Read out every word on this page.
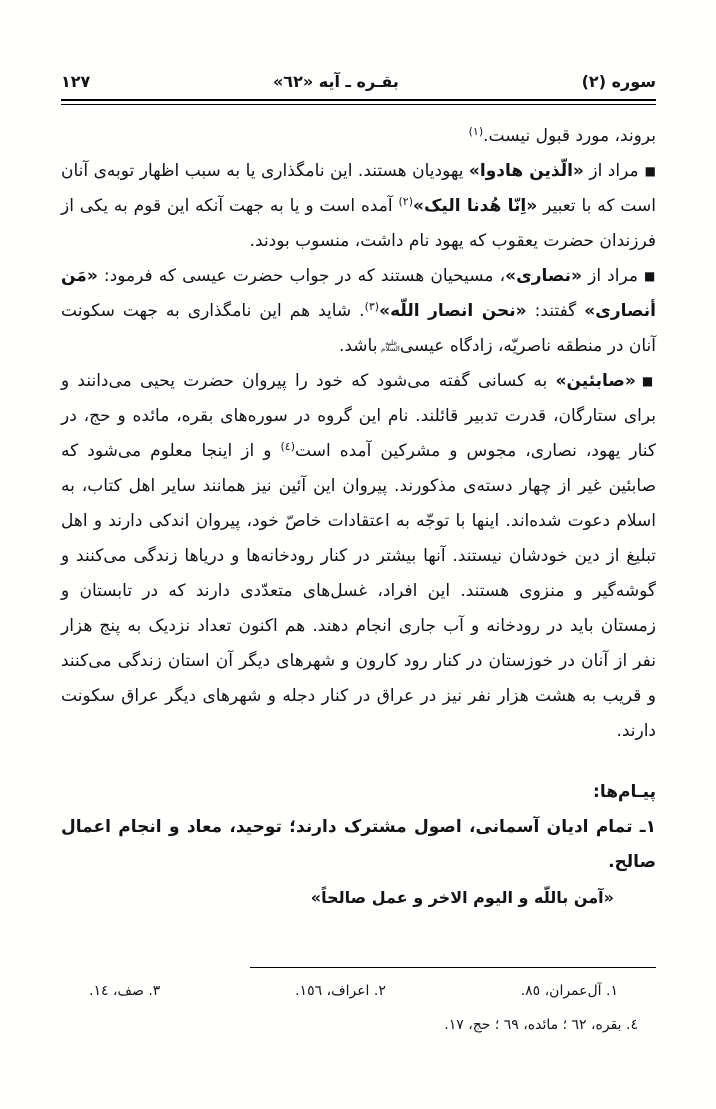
سوره (٢)
بقـره ـ آیه «٦٢»
١٢٧

بروند، مورد قبول نیست.$^{(١)}$

■مراد از «الّذین هادوا» یهودیان هستند. این نامگذاری یا به سبب اظهار توبه‌ی آنان است که با تعبیر «اِنّا هُدنا الیک»$^{(٢)}$ آمده است و یا به جهت آنکه این قوم به یکی از فرزندان حضرت یعقوب که یهود نام داشت، منسوب بودند.

■مراد از «نصاری»، مسیحیان هستند که در جواب حضرت عیسی که فرمود: «مَن أنصاری» گفتند: «نحن انصار اللّه»$^{(٣)}$. شاید هم این نامگذاری به جهت سکونت آنان در منطقه ناصریّه، زادگاه عیسیعلیه السلام باشد.

■«صابئین» به کسانی گفته می‌شود که خود را پیروان حضرت یحیی می‌دانند و برای ستارگان، قدرت تدبیر قائلند. نام این گروه در سوره‌های بقره، مائده و حج، در کنار یهود، نصاری، مجوس و مشرکین آمده است$^{(٤)}$ و از اینجا معلوم می‌شود که صابئین غیر از چهار دسته‌ی مذکورند. پیروان این آئین نیز همانند سایر اهل کتاب، به اسلام دعوت شده‌اند. اینها با توجّه به اعتقادات خاصّ خود، پیروان اندکی دارند و اهل تبلیغ از دین خودشان نیستند. آنها بیشتر در کنار رودخانه‌ها و دریاها زندگی می‌کنند و گوشه‌گیر و منزوی هستند. این افراد، غسل‌های متعدّدی دارند که در تابستان و زمستان باید در رودخانه و آب جاری انجام دهند. هم اکنون تعداد نزدیک به پنج هزار نفر از آنان در خوزستان در کنار رود کارون و شهرهای دیگر آن استان زندگی می‌کنند و قریب به هشت هزار نفر نیز در عراق در کنار دجله و شهرهای دیگر عراق سکونت دارند.

پیـام‌ها:

١ـ تمام ادیان آسمانی، اصول مشترک دارند؛ توحید، معاد و انجام اعمال صالح.

«آمن باللّه و الیوم الاخر و عمل صالحاً»

١. آل‌عمران، ٨٥.
٢. اعراف، ١٥٦.
٣. صف، ١٤.
٤. بقره، ٦٢ ؛ مائده، ٦٩ ؛ حج، ١٧.
